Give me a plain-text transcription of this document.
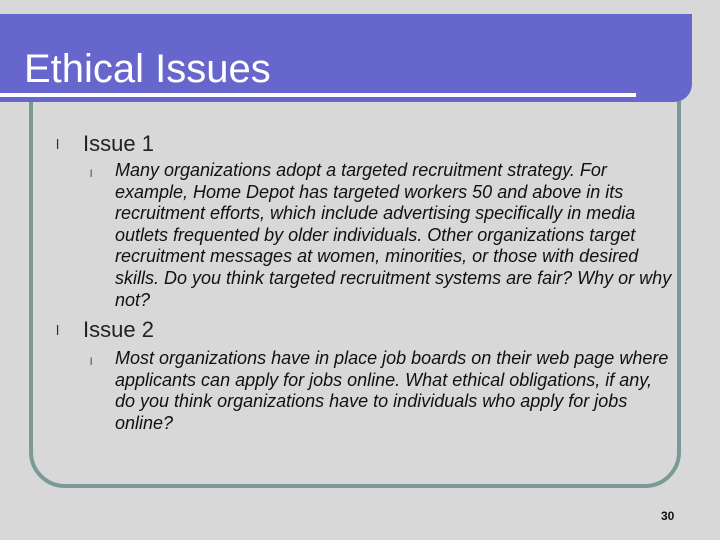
Ethical Issues
l Issue 1
l Many organizations adopt a targeted recruitment strategy. For example, Home Depot has targeted workers 50 and above in its recruitment efforts, which include advertising specifically in media outlets frequented by older individuals. Other organizations target recruitment messages at women, minorities, or those with desired skills. Do you think targeted recruitment systems are fair? Why or why not?
l Issue 2
l Most organizations have in place job boards on their web page where applicants can apply for jobs online. What ethical obligations, if any, do you think organizations have to individuals who apply for jobs online?
30
